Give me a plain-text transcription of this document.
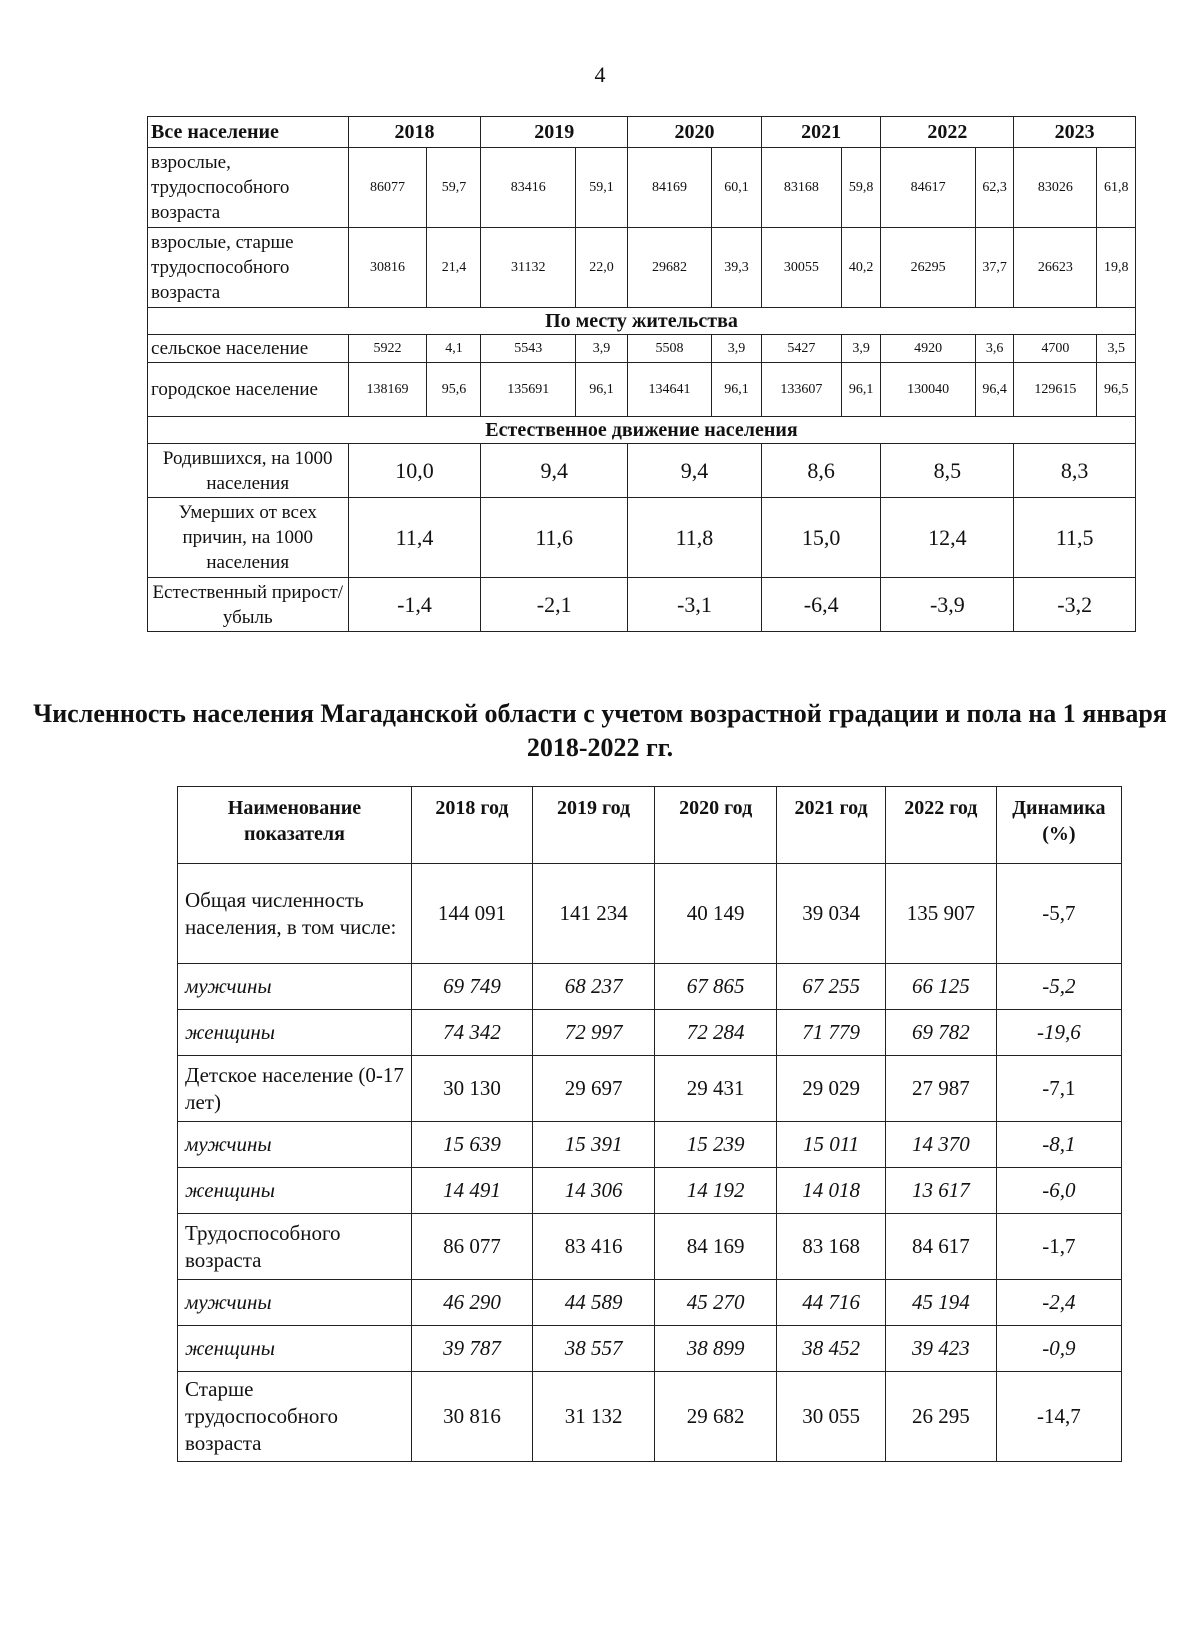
4
Все население	2018		2019		2020		2021		2022		2023	
взрослые, трудоспособного возраста	86077	59,7	83416	59,1	84169	60,1	83168	59,8	84617	62,3	83026	61,8
взрослые, старше трудоспособного возраста	30816	21,4	31132	22,0	29682	39,3	30055	40,2	26295	37,7	26623	19,8
По месту жительства												
сельское население	5922	4,1	5543	3,9	5508	3,9	5427	3,9	4920	3,6	4700	3,5
городское население	138169	95,6	135691	96,1	134641	96,1	133607	96,1	130040	96,4	129615	96,5
Естественное движение населения												
Родившихся, на 1000 населения	10,0		9,4		9,4		8,6		8,5		8,3	
Умерших от всех причин, на 1000 населения	11,4		11,6		11,8		15,0		12,4		11,5	
Естественный прирост/убыль	-1,4		-2,1		-3,1		-6,4		-3,9		-3,2	
Численность населения Магаданской области с учетом возрастной градации и пола на 1 января 2018-2022 гг.
Наименование показателя	2018 год	2019 год	2020 год	2021 год	2022 год	Динамика (%)
Общая численность населения, в том числе:	144 091	141 234	40 149	39 034	135 907	-5,7
мужчины	69 749	68 237	67 865	67 255	66 125	-5,2
женщины	74 342	72 997	72 284	71 779	69 782	-19,6
Детское население (0-17 лет)	30 130	29 697	29 431	29 029	27 987	-7,1
мужчины	15 639	15 391	15 239	15 011	14 370	-8,1
женщины	14 491	14 306	14 192	14 018	13 617	-6,0
Трудоспособного возраста	86 077	83 416	84 169	83 168	84 617	-1,7
мужчины	46 290	44 589	45 270	44 716	45 194	-2,4
женщины	39 787	38 557	38 899	38 452	39 423	-0,9
Старше трудоспособного возраста	30 816	31 132	29 682	30 055	26 295	-14,7
